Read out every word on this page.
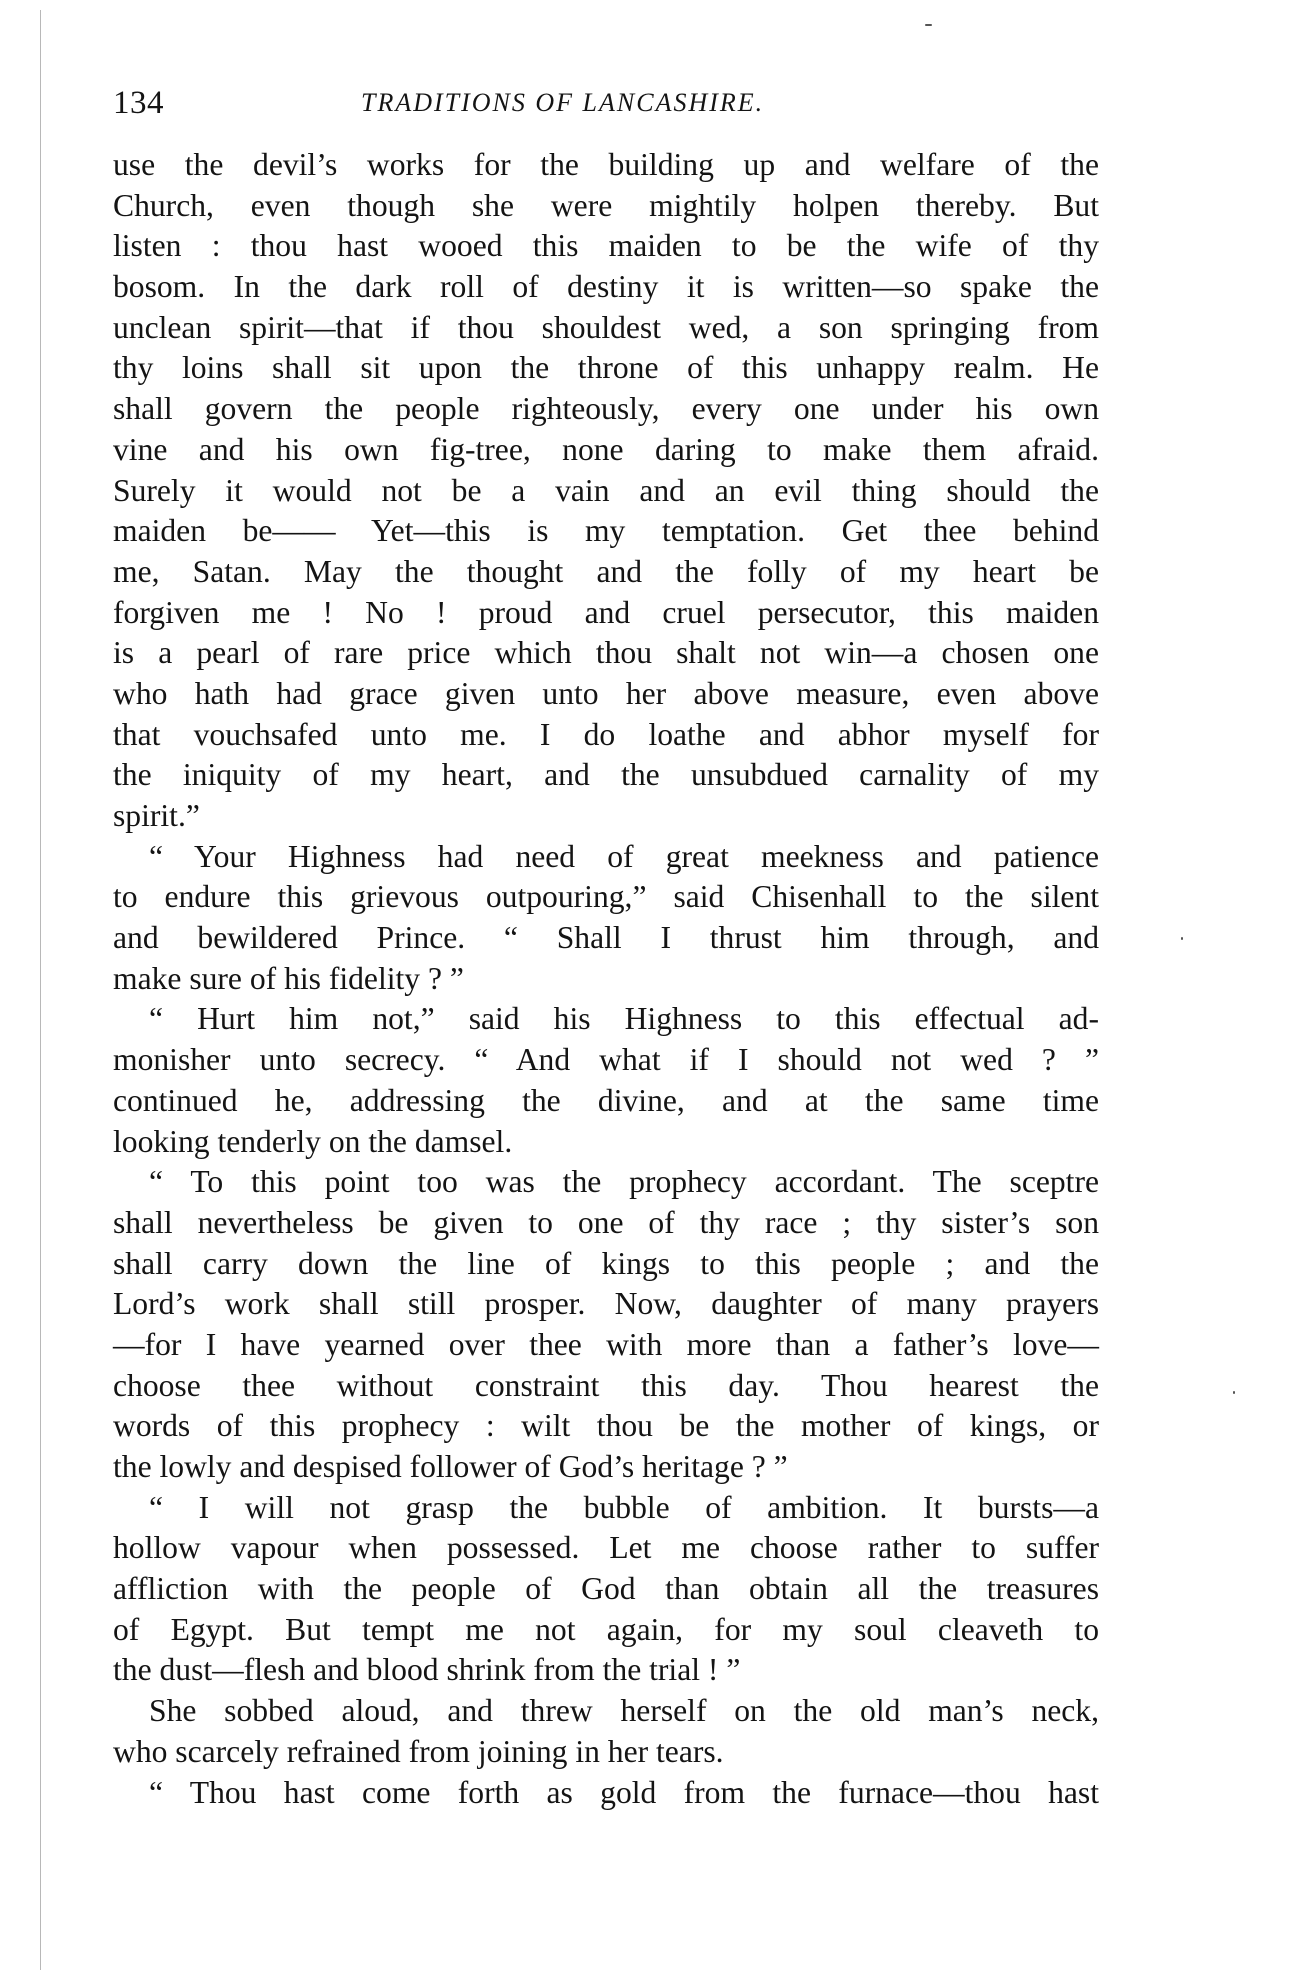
134	TRADITIONS OF LANCASHIRE.
use the devil’s works for the building up and welfare of the
Church, even though she were mightily holpen thereby. But
listen : thou hast wooed this maiden to be the wife of thy
bosom. In the dark roll of destiny it is written—so spake the
unclean spirit—that if thou shouldest wed, a son springing from
thy loins shall sit upon the throne of this unhappy realm. He
shall govern the people righteously, every one under his own
vine and his own fig-tree, none daring to make them afraid.
Surely it would not be a vain and an evil thing should the
maiden be—— Yet—this is my temptation. Get thee behind
me, Satan. May the thought and the folly of my heart be
forgiven me ! No ! proud and cruel persecutor, this maiden
is a pearl of rare price which thou shalt not win—a chosen one
who hath had grace given unto her above measure, even above
that vouchsafed unto me. I do loathe and abhor myself for
the iniquity of my heart, and the unsubdued carnality of my
spirit.”
“ Your Highness had need of great meekness and patience
to endure this grievous outpouring,” said Chisenhall to the silent
and bewildered Prince. “ Shall I thrust him through, and
make sure of his fidelity ? ”
“ Hurt him not,” said his Highness to this effectual ad-
monisher unto secrecy. “ And what if I should not wed ? ”
continued he, addressing the divine, and at the same time
looking tenderly on the damsel.
“ To this point too was the prophecy accordant. The sceptre
shall nevertheless be given to one of thy race ; thy sister’s son
shall carry down the line of kings to this people ; and the
Lord’s work shall still prosper. Now, daughter of many prayers
—for I have yearned over thee with more than a father’s love—
choose thee without constraint this day. Thou hearest the
words of this prophecy : wilt thou be the mother of kings, or
the lowly and despised follower of God’s heritage ? ”
“ I will not grasp the bubble of ambition. It bursts—a
hollow vapour when possessed. Let me choose rather to suffer
affliction with the people of God than obtain all the treasures
of Egypt. But tempt me not again, for my soul cleaveth to
the dust—flesh and blood shrink from the trial ! ”
She sobbed aloud, and threw herself on the old man’s neck,
who scarcely refrained from joining in her tears.
“ Thou hast come forth as gold from the furnace—thou hast
